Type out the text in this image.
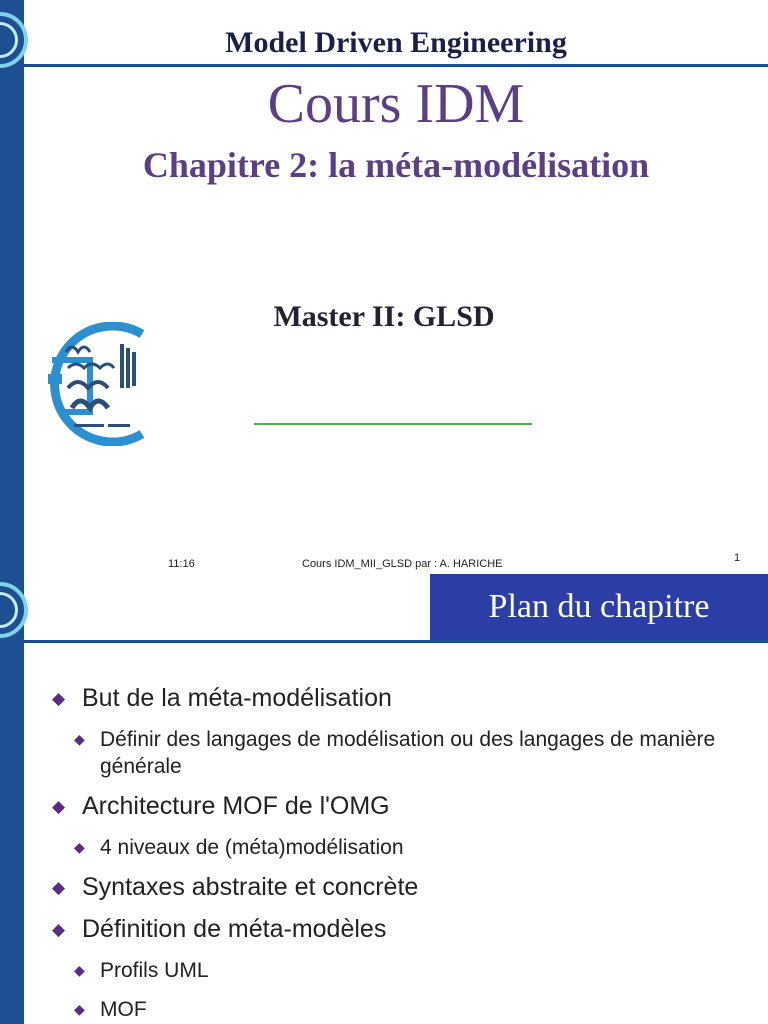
Model Driven Engineering
Cours IDM
Chapitre 2: la méta-modélisation
Master II: GLSD
11:16	Cours IDM_MII_GLSD par : A. HARICHE	1
Plan du chapitre
◆ But de la méta-modélisation
◆ Définir des langages de modélisation ou des langages de manière générale
◆ Architecture MOF de l'OMG
◆ 4 niveaux de (méta)modélisation
◆ Syntaxes abstraite et concrète
◆ Définition de méta-modèles
◆ Profils UML
◆ MOF
